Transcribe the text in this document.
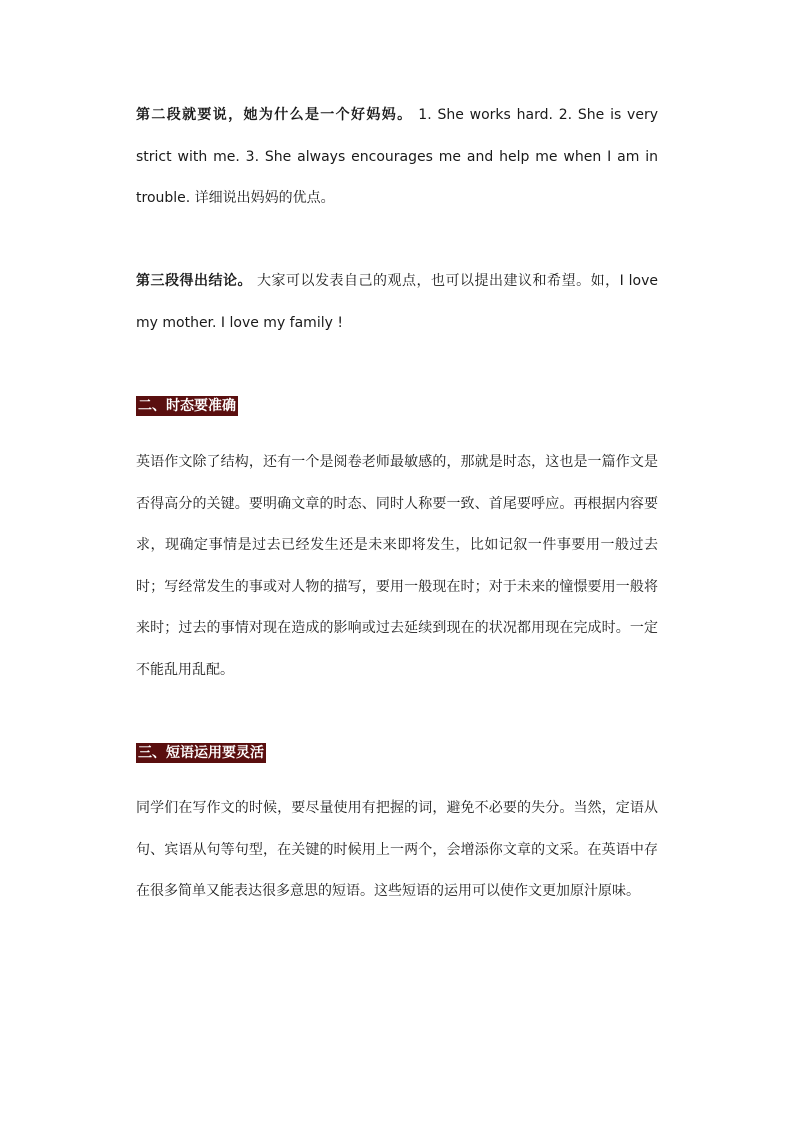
第二段就要说，她为什么是一个好妈妈。 1. She works hard. 2. She is very strict with me. 3. She always encourages me and help me when I am in trouble. 详细说出妈妈的优点。

第三段得出结论。 大家可以发表自己的观点，也可以提出建议和希望。如，I love my mother. I love my family !

二、时态要准确

英语作文除了结构，还有一个是阅卷老师最敏感的，那就是时态，这也是一篇作文是否得高分的关键。要明确文章的时态、同时人称要一致、首尾要呼应。再根据内容要求，现确定事情是过去已经发生还是未来即将发生，比如记叙一件事要用一般过去时；写经常发生的事或对人物的描写，要用一般现在时；对于未来的憧憬要用一般将来时；过去的事情对现在造成的影响或过去延续到现在的状况都用现在完成时。一定不能乱用乱配。

三、短语运用要灵活

同学们在写作文的时候，要尽量使用有把握的词，避免不必要的失分。当然，定语从句、宾语从句等句型，在关键的时候用上一两个，会增添你文章的文采。在英语中存在很多简单又能表达很多意思的短语。这些短语的运用可以使作文更加原汁原味。
